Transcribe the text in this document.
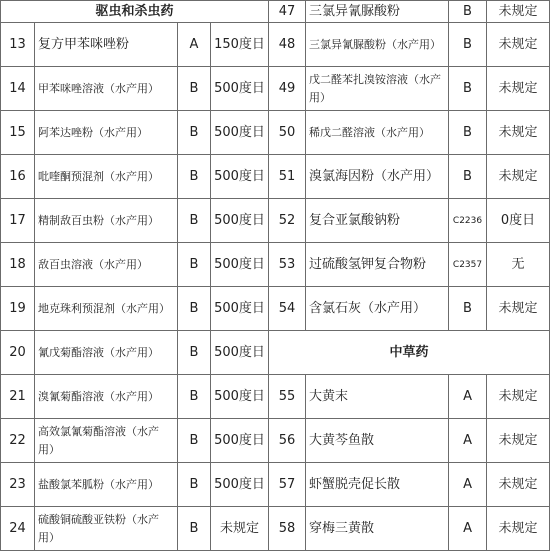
驱虫和杀虫药				47	三氯异氰脲酸粉	B	未规定
13	复方甲苯咪唑粉	A	150度日	48	三氯异氰脲酸粉（水产用）	B	未规定
14	甲苯咪唑溶液（水产用）	B	500度日	49	戊二醛苯扎溴铵溶液（水产用）	B	未规定
15	阿苯达唑粉（水产用）	B	500度日	50	稀戊二醛溶液（水产用）	B	未规定
16	吡喹酮预混剂（水产用）	B	500度日	51	溴氯海因粉（水产用）	B	未规定
17	精制敌百虫粉（水产用）	B	500度日	52	复合亚氯酸钠粉	C2236	0度日
18	敌百虫溶液（水产用）	B	500度日	53	过硫酸氢钾复合物粉	C2357	无
19	地克珠利预混剂（水产用）	B	500度日	54	含氯石灰（水产用）	B	未规定
20	氰戊菊酯溶液（水产用）	B	500度日	中草药			
21	溴氰菊酯溶液（水产用）	B	500度日	55	大黄末	A	未规定
22	高效氯氰菊酯溶液（水产用）	B	500度日	56	大黄芩鱼散	A	未规定
23	盐酸氯苯胍粉（水产用）	B	500度日	57	虾蟹脱壳促长散	A	未规定
24	硫酸铜硫酸亚铁粉（水产用）	B	未规定	58	穿梅三黄散	A	未规定
